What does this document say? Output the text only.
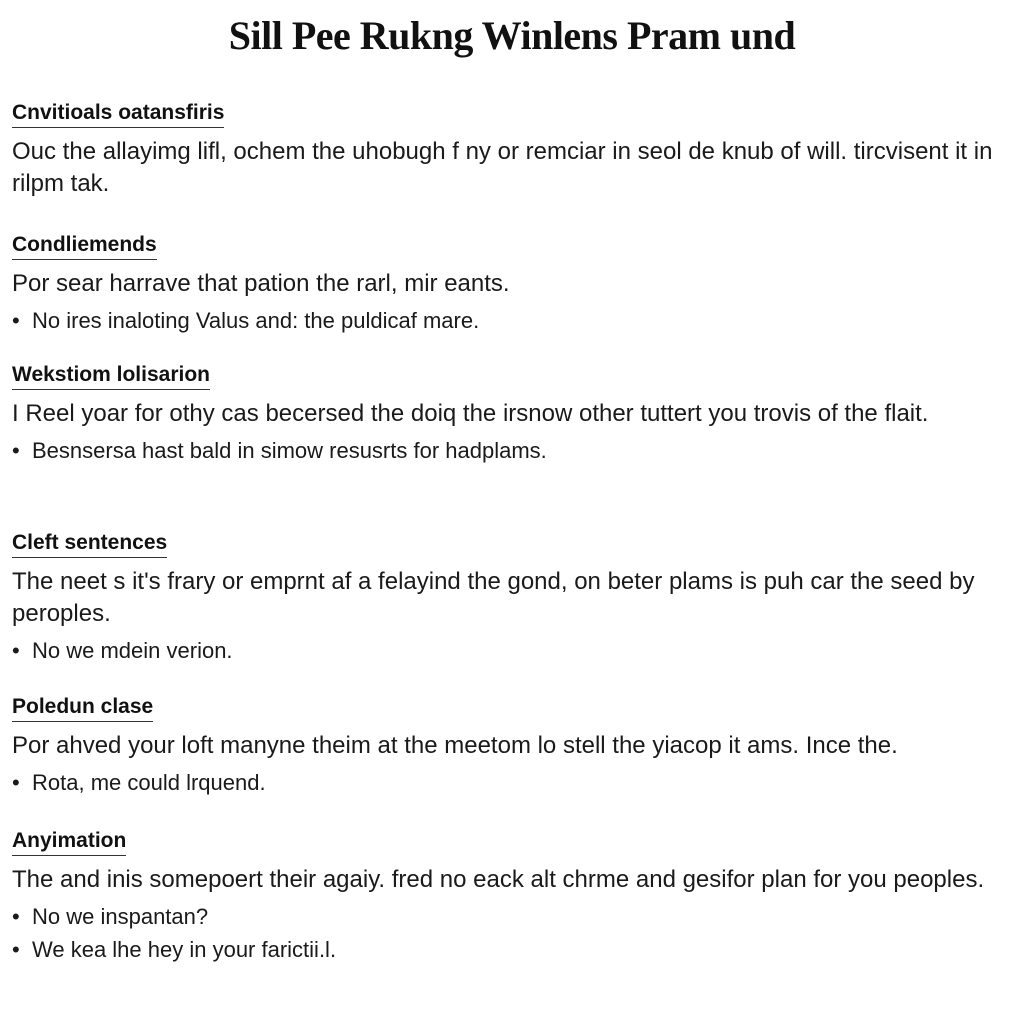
Sill Pee Rukng Winlens Pram und
Cnvitioals oatansfiris

Ouc the allayimg lifl, ochem the uhobugh f ny or remciar in seol de knub of will. tircvisent it in rilpm tak.

Condliemends

Por sear harrave that pation the rarl, mir eants.

• No ires inaloting Valus and: the puldicaf mare.
Wekstiom lolisarion

I Reel yoar for othy cas becersed the doiq the irsnow other tuttert you trovis of the flait.

• Besnsersa hast bald in simow resusrts for hadplams.
Cleft sentences

The neet s it's frary or emprnt af a felayind the gond, on beter plams is puh car the seed by peroples.

• No we mdein verion.
Poledun clase

Por ahved your loft manyne theim at the meetom lo stell the yiacop it ams. Ince the.

• Rota, me could lrquend.
Anyimation

The and inis somepoert their agaiy. fred no eack alt chrme and gesifor plan for you peoples.

• No we inspantan?
• We kea lhe hey in your farictii.l.
